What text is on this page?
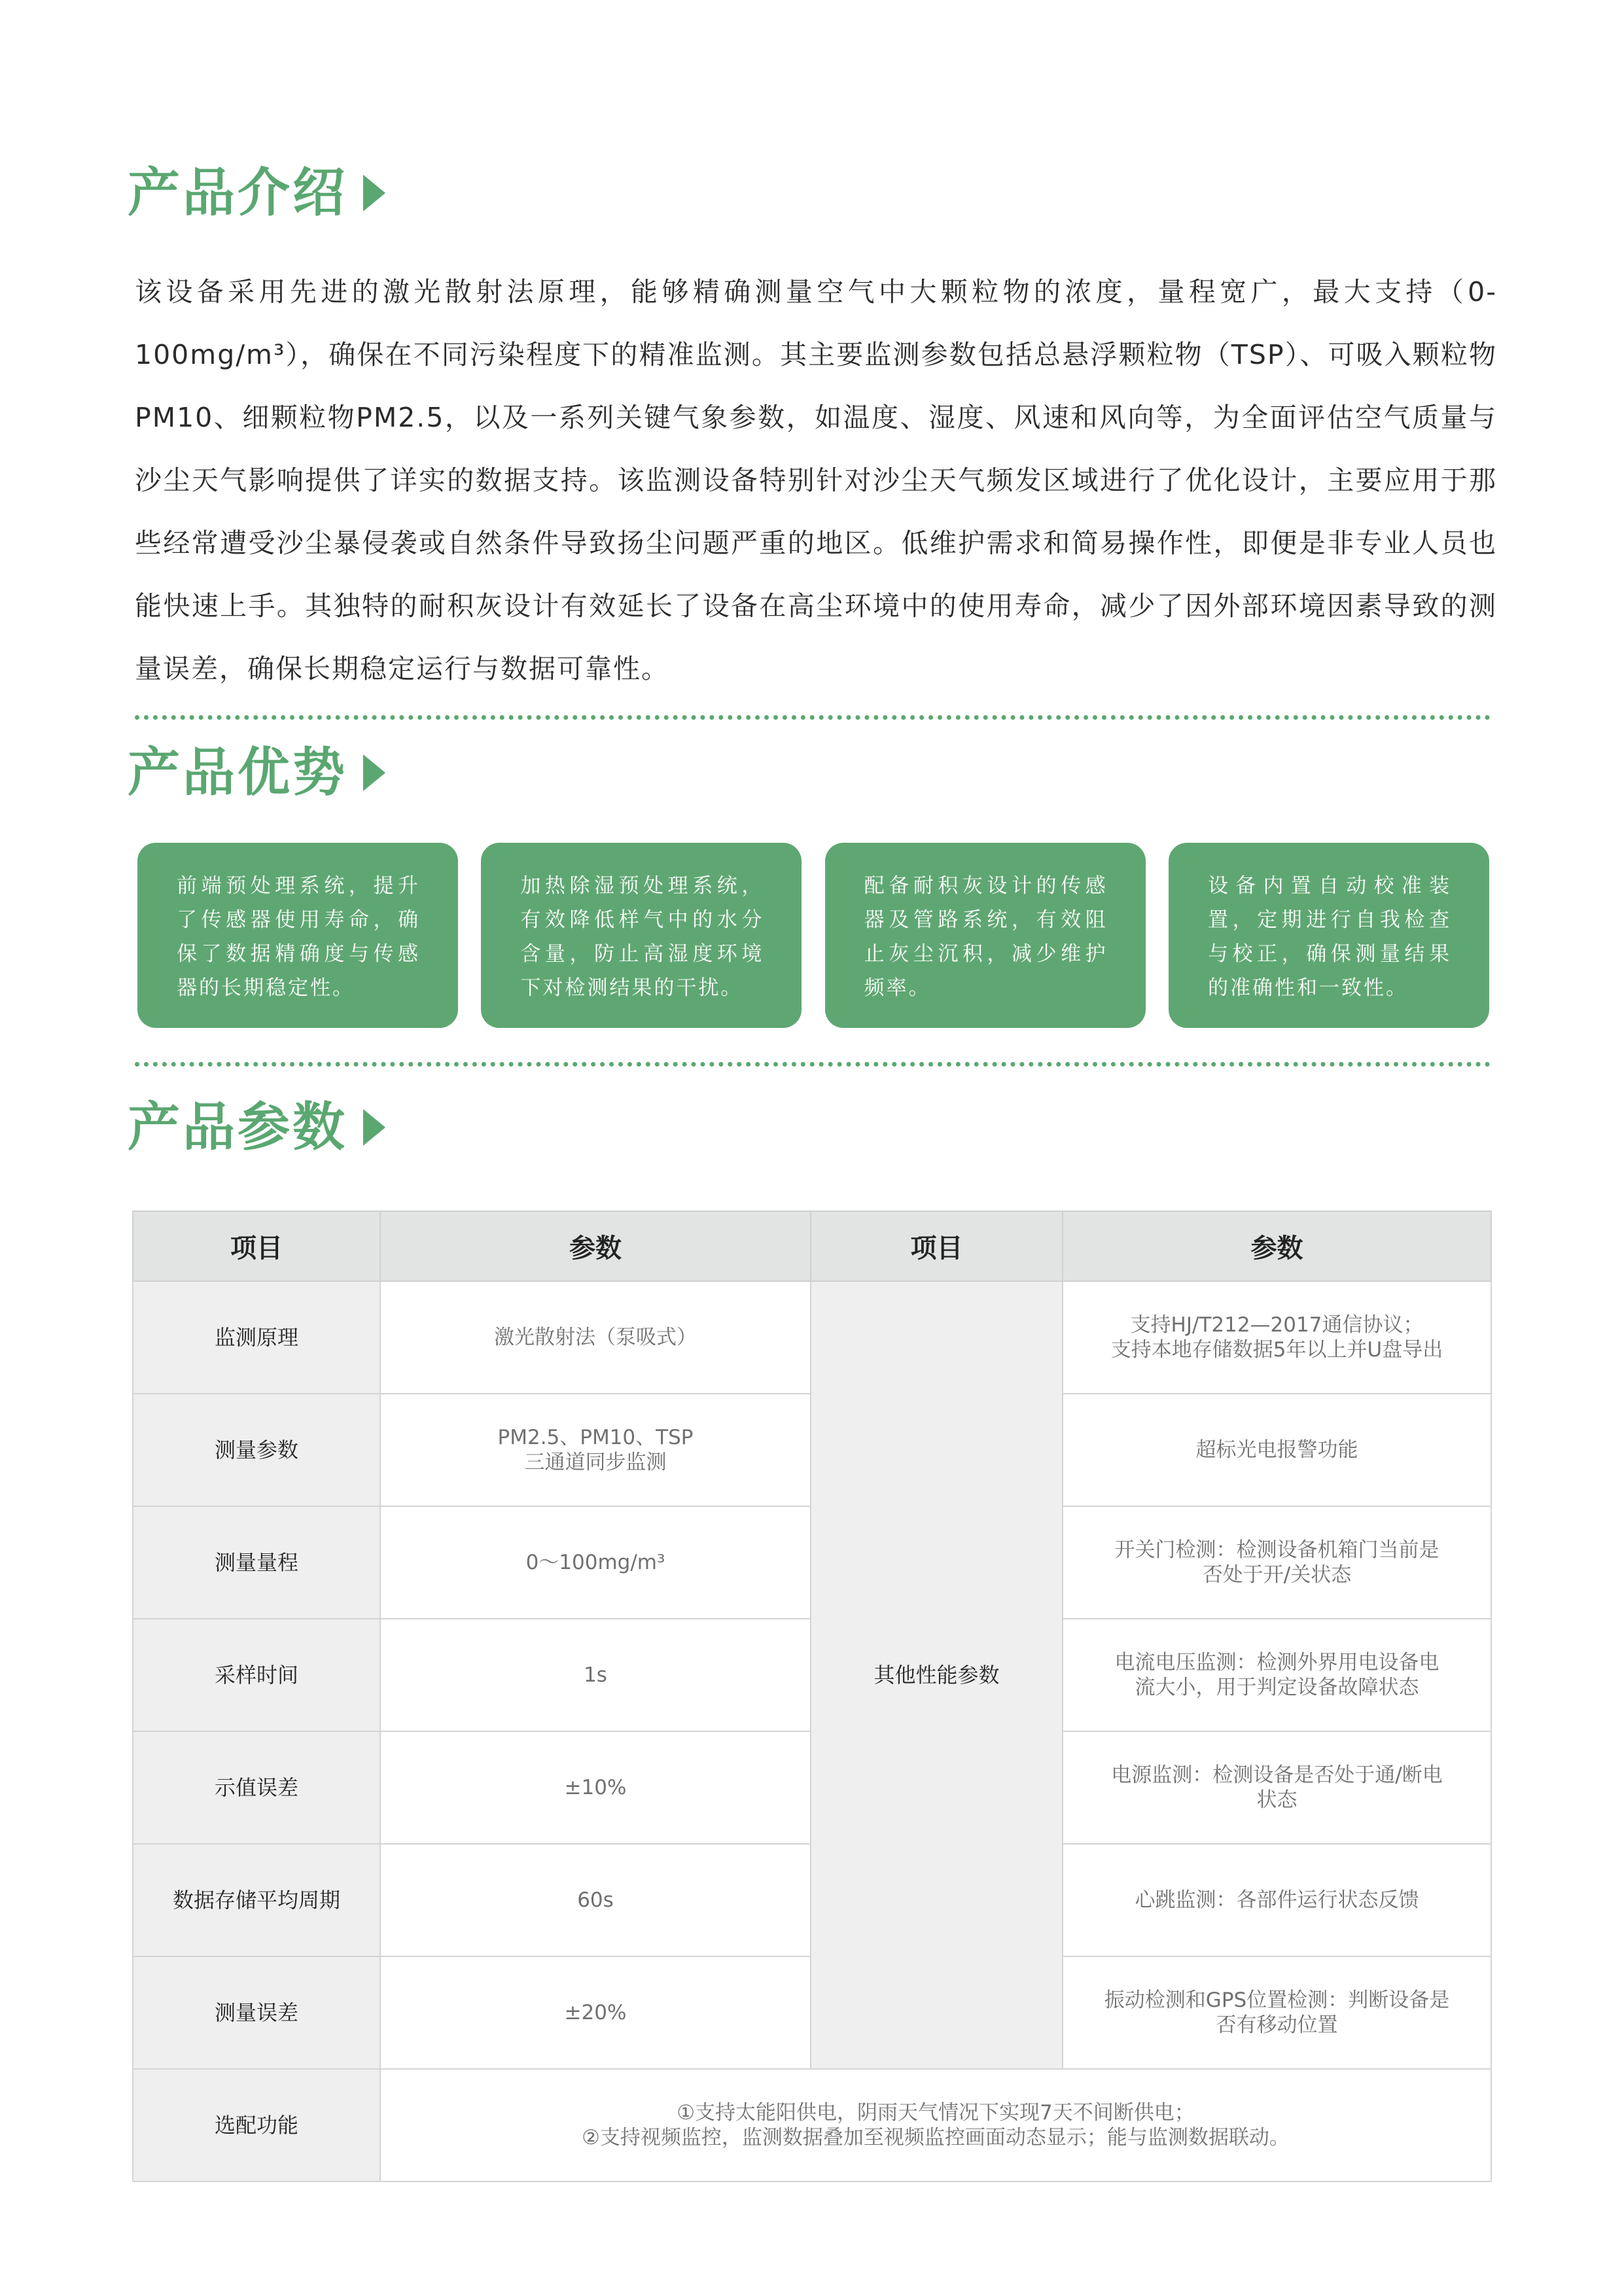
产品介绍
该设备采用先进的激光散射法原理，能够精确测量空气中大颗粒物的浓度，量程宽广，最大支持（0-100mg/m³），确保在不同污染程度下的精准监测。其主要监测参数包括总悬浮颗粒物（TSP）、可吸入颗粒物PM10、细颗粒物PM2.5，以及一系列关键气象参数，如温度、湿度、风速和风向等，为全面评估空气质量与沙尘天气影响提供了详实的数据支持。该监测设备特别针对沙尘天气频发区域进行了优化设计，主要应用于那些经常遭受沙尘暴侵袭或自然条件导致扬尘问题严重的地区。低维护需求和简易操作性，即便是非专业人员也能快速上手。其独特的耐积灰设计有效延长了设备在高尘环境中的使用寿命，减少了因外部环境因素导致的测量误差，确保长期稳定运行与数据可靠性。
产品优势
前端预处理系统，提升了传感器使用寿命，确保了数据精确度与传感器的长期稳定性。
加热除湿预处理系统，有效降低样气中的水分含量，防止高湿度环境下对检测结果的干扰。
配备耐积灰设计的传感器及管路系统，有效阻止灰尘沉积，减少维护频率。
设备内置自动校准装置，定期进行自我检查与校正，确保测量结果的准确性和一致性。
产品参数
项目	参数	项目	参数
监测原理	激光散射法（泵吸式）	其他性能参数	支持HJ/T212—2017通信协议；
支持本地存储数据5年以上并U盘导出

测量参数	PM2.5、PM10、TSP
三通道同步监测		超标光电报警功能

测量量程	0～100mg/m³		开关门检测：检测设备机箱门当前是
否处于开/关状态

采样时间	1s		电流电压监测：检测外界用电设备电
流大小，用于判定设备故障状态

示值误差	±10%		电源监测：检测设备是否处于通/断电
状态

数据存储平均周期	60s		心跳监测：各部件运行状态反馈

测量误差	±20%		振动检测和GPS位置检测：判断设备是
否有移动位置

选配功能	①支持太能阳供电，阴雨天气情况下实现7天不间断供电；
②支持视频监控，监测数据叠加至视频监控画面动态显示；能与监测数据联动。		
